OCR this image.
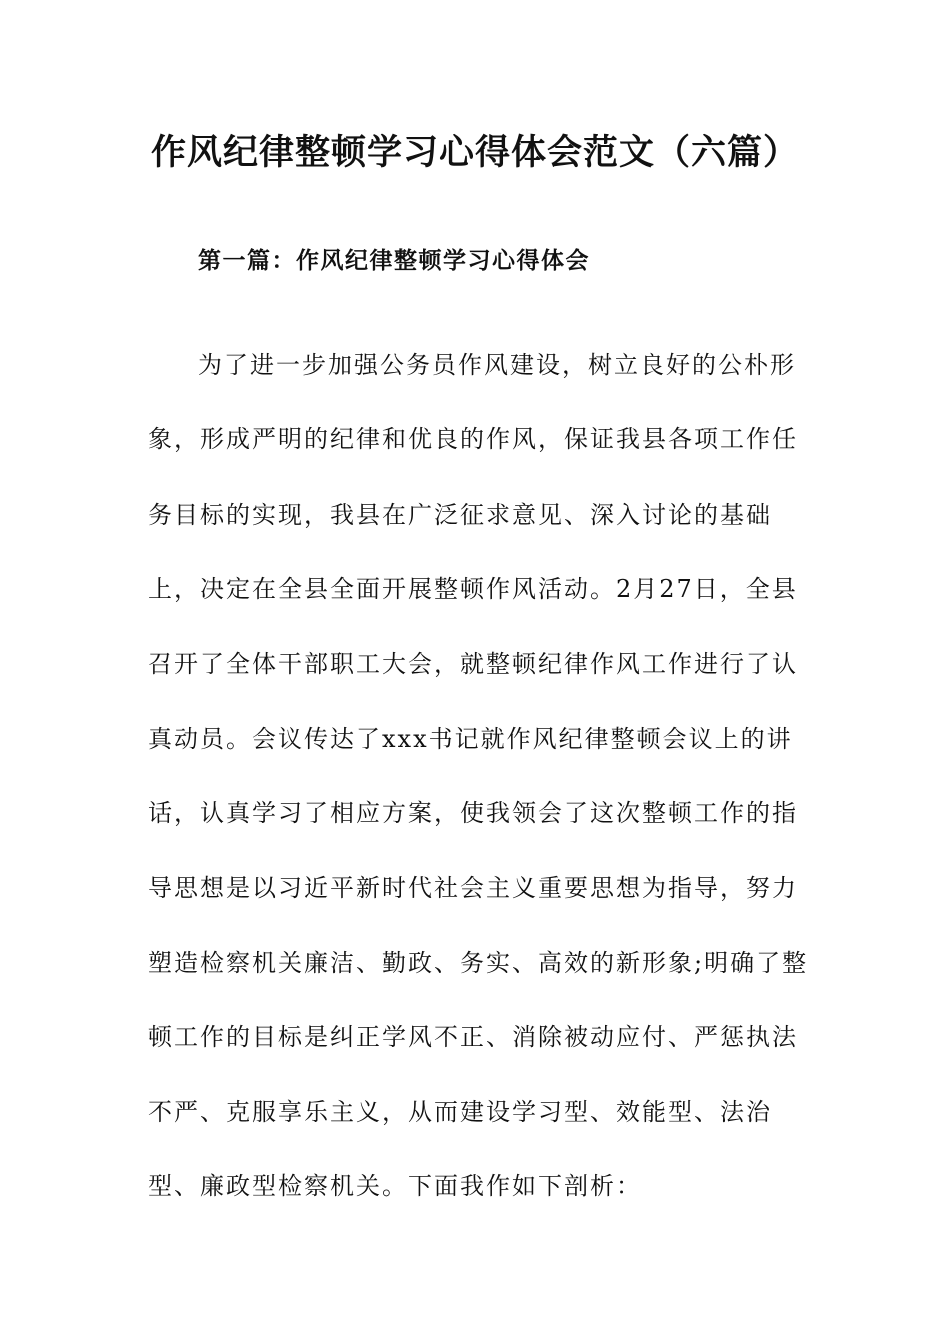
作风纪律整顿学习心得体会范文（六篇）
第一篇：作风纪律整顿学习心得体会
为了进一步加强公务员作风建设，树立良好的公朴形
象，形成严明的纪律和优良的作风，保证我县各项工作任
务目标的实现，我县在广泛征求意见、深入讨论的基础
上，决定在全县全面开展整顿作风活动。2月27日，全县
召开了全体干部职工大会，就整顿纪律作风工作进行了认
真动员。会议传达了xxx书记就作风纪律整顿会议上的讲
话，认真学习了相应方案，使我领会了这次整顿工作的指
导思想是以习近平新时代社会主义重要思想为指导，努力
塑造检察机关廉洁、勤政、务实、高效的新形象;明确了整
顿工作的目标是纠正学风不正、消除被动应付、严惩执法
不严、克服享乐主义，从而建设学习型、效能型、法治
型、廉政型检察机关。下面我作如下剖析：
